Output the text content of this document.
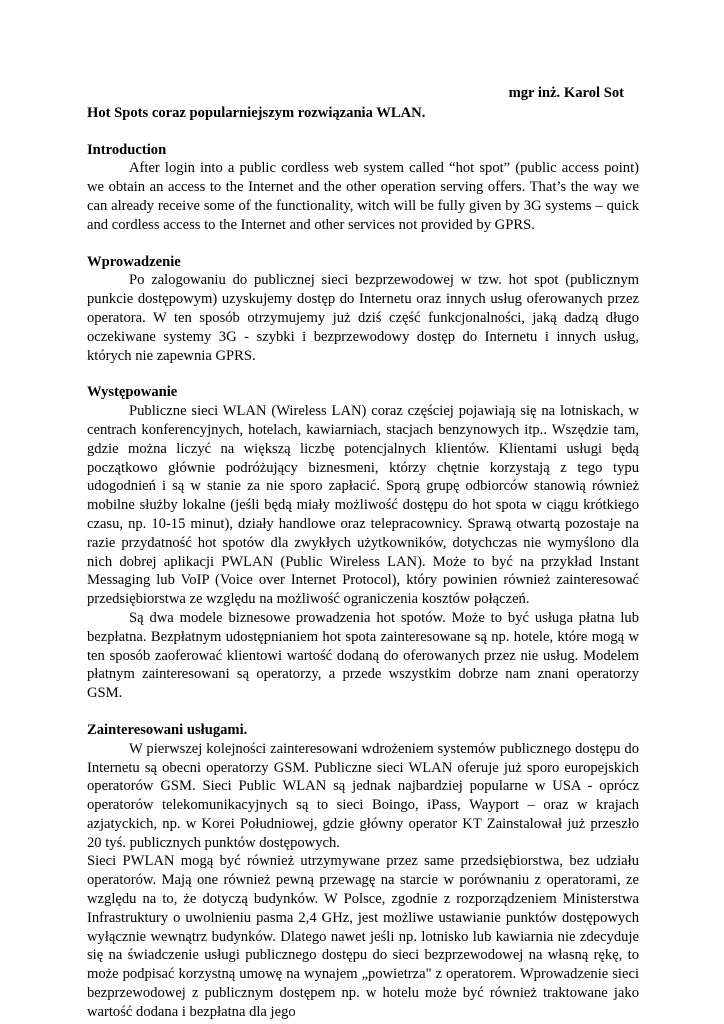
mgr inż. Karol Sot

Hot Spots coraz popularniejszym rozwiązania WLAN.

Introduction

After login into a public cordless web system called “hot spot” (public access point) we obtain an access to the Internet and the other operation serving offers. That’s the way we can already receive some of the functionality, witch will be fully given by 3G systems – quick and cordless access to the Internet and other services not provided by GPRS.

Wprowadzenie

Po zalogowaniu do publicznej sieci bezprzewodowej w tzw. hot spot (publicznym punkcie dostępowym) uzyskujemy dostęp do Internetu oraz innych usług oferowanych przez operatora. W ten sposób otrzymujemy już dziś część funkcjonalności, jaką dadzą długo oczekiwane systemy 3G - szybki i bezprzewodowy dostęp do Internetu i innych usług, których nie zapewnia GPRS.

Występowanie

Publiczne sieci WLAN (Wireless LAN) coraz częściej pojawiają się na lotniskach, w centrach konferencyjnych, hotelach, kawiarniach, stacjach benzynowych itp.. Wszędzie tam, gdzie można liczyć na większą liczbę potencjalnych klientów. Klientami usługi będą początkowo głównie podróżujący biznesmeni, którzy chętnie korzystają z tego typu udogodnień i są w stanie za nie sporo zapłacić. Sporą grupę odbiorców stanowią również mobilne służby lokalne (jeśli będą miały możliwość dostępu do hot spota w ciągu krótkiego czasu, np. 10-15 minut), działy handlowe oraz telepracownicy. Sprawą otwartą pozostaje na razie przydatność hot spotów dla zwykłych użytkowników, dotychczas nie wymyślono dla nich dobrej aplikacji PWLAN (Public Wireless LAN). Może to być na przykład Instant Messaging lub VoIP (Voice over Internet Protocol), który powinien również zainteresować przedsiębiorstwa ze względu na możliwość ograniczenia kosztów połączeń.

Są dwa modele biznesowe prowadzenia hot spotów. Może to być usługa płatna lub bezpłatna. Bezpłatnym udostępnianiem hot spota zainteresowane są np. hotele, które mogą w ten sposób zaoferować klientowi wartość dodaną do oferowanych przez nie usług. Modelem płatnym zainteresowani są operatorzy, a przede wszystkim dobrze nam znani operatorzy GSM.

Zainteresowani usługami.

W pierwszej kolejności zainteresowani wdrożeniem systemów publicznego dostępu do Internetu są obecni operatorzy GSM. Publiczne sieci WLAN oferuje już sporo europejskich operatorów GSM. Sieci Public WLAN są jednak najbardziej popularne w USA - oprócz operatorów telekomunikacyjnych są to sieci Boingo, iPass, Wayport – oraz w krajach azjatyckich, np. w Korei Południowej, gdzie główny operator KT Zainstalował już przeszło 20 tyś. publicznych punktów dostępowych.

Sieci PWLAN mogą być również utrzymywane przez same przedsiębiorstwa, bez udziału operatorów. Mają one również pewną przewagę na starcie w porównaniu z operatorami, ze względu na to, że dotyczą budynków. W Polsce, zgodnie z rozporządzeniem Ministerstwa Infrastruktury o uwolnieniu pasma 2,4 GHz, jest możliwe ustawianie punktów dostępowych wyłącznie wewnątrz budynków. Dlatego nawet jeśli np. lotnisko lub kawiarnia nie zdecyduje się na świadczenie usługi publicznego dostępu do sieci bezprzewodowej na własną rękę, to może podpisać korzystną umowę na wynajem „powietrza" z operatorem. Wprowadzenie sieci bezprzewodowej z publicznym dostępem np. w hotelu może być również traktowane jako wartość dodana i bezpłatna dla jego
